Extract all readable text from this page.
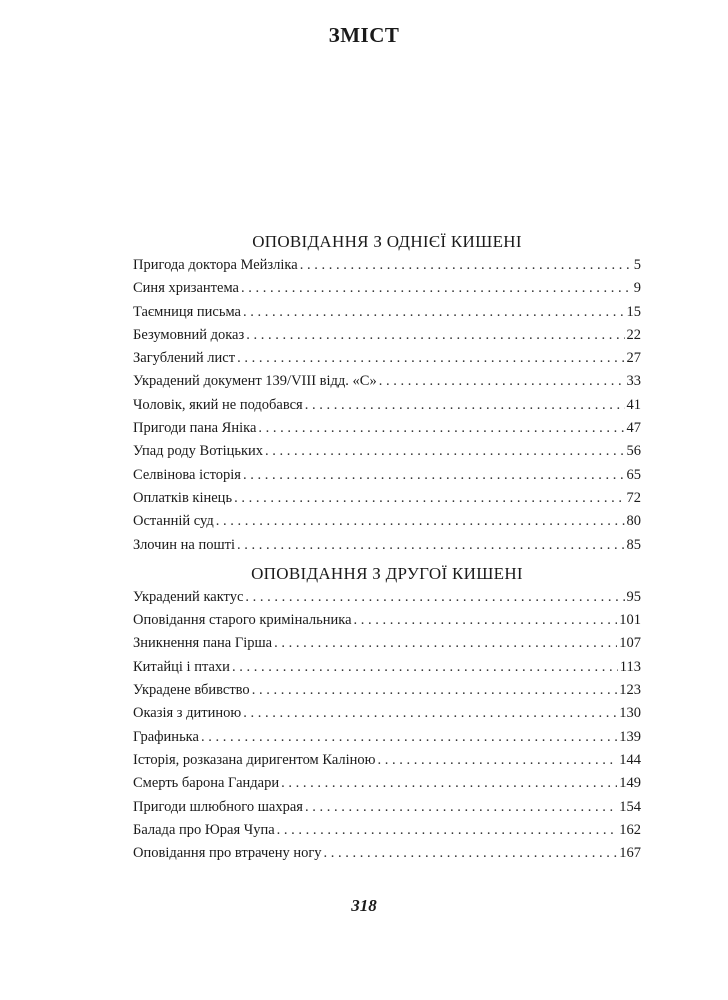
ЗМІСТ
ОПОВІДАННЯ З ОДНІЄЇ КИШЕНІ
Пригода доктора Мейзліка . . .	5
Синя хризантема . . .	9
Таємниця письма . . .	15
Безумовний доказ . . .	22
Загублений лист . . .	27
Украдений документ 139/VIII відд. «С» . . .	33
Чоловік, який не подобався . . .	41
Пригоди пана Яніка . . .	47
Упад роду Вотіцьких . . .	56
Селвінова історія . . .	65
Оплатків кінець . . .	72
Останній суд . . .	80
Злочин на пошті . . .	85
ОПОВІДАННЯ З ДРУГОЇ КИШЕНІ
Украдений кактус . . .	95
Оповідання старого кримінальника . . .	101
Зникнення пана Гірша . . .	107
Китайці і птахи . . .	113
Украдене вбивство . . .	123
Оказія з дитиною . . .	130
Графинька . . .	139
Історія, розказана диригентом Каліною . . .	144
Смерть барона Гандари . . .	149
Пригоди шлюбного шахрая . . .	154
Балада про Юрая Чупа . . .	162
Оповідання про втрачену ногу . . .	167
318
